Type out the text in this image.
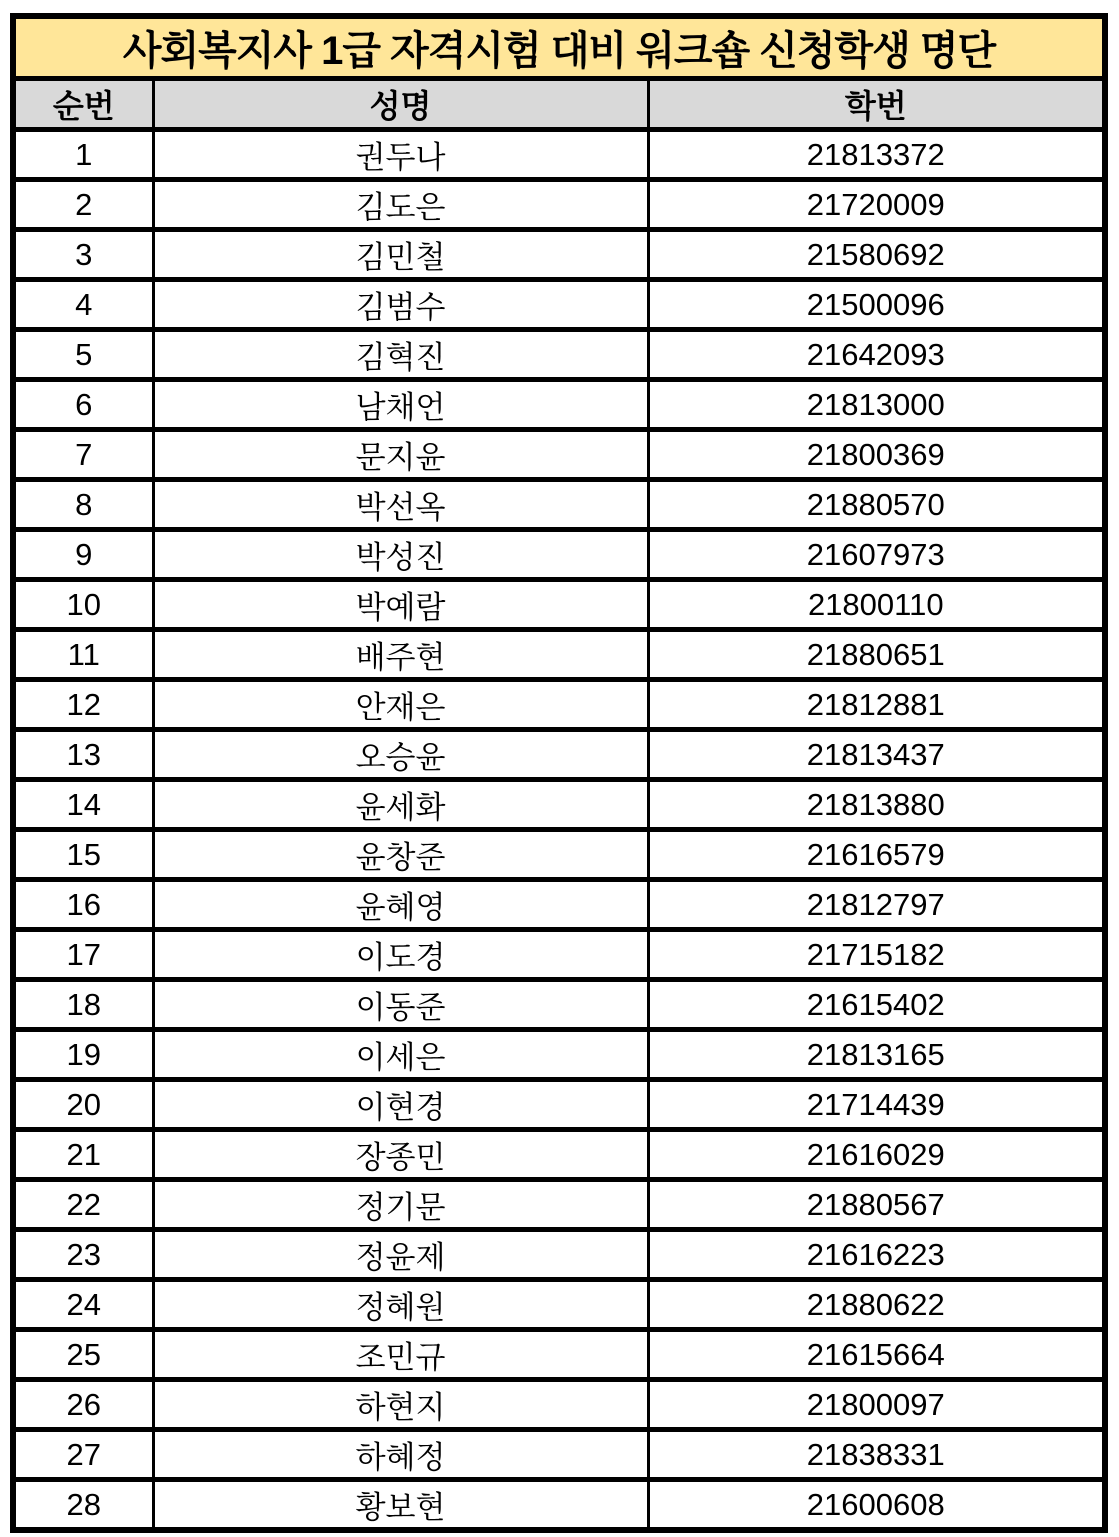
사회복지사 1급 자격시험 대비 워크숍 신청학생 명단		
순번	성명	학번
1	권두나	21813372
2	김도은	21720009
3	김민철	21580692
4	김범수	21500096
5	김혁진	21642093
6	남채언	21813000
7	문지윤	21800369
8	박선옥	21880570
9	박성진	21607973
10	박예람	21800110
11	배주현	21880651
12	안재은	21812881
13	오승윤	21813437
14	윤세화	21813880
15	윤창준	21616579
16	윤혜영	21812797
17	이도경	21715182
18	이동준	21615402
19	이세은	21813165
20	이현경	21714439
21	장종민	21616029
22	정기문	21880567
23	정윤제	21616223
24	정혜원	21880622
25	조민규	21615664
26	하현지	21800097
27	하혜정	21838331
28	황보현	21600608
